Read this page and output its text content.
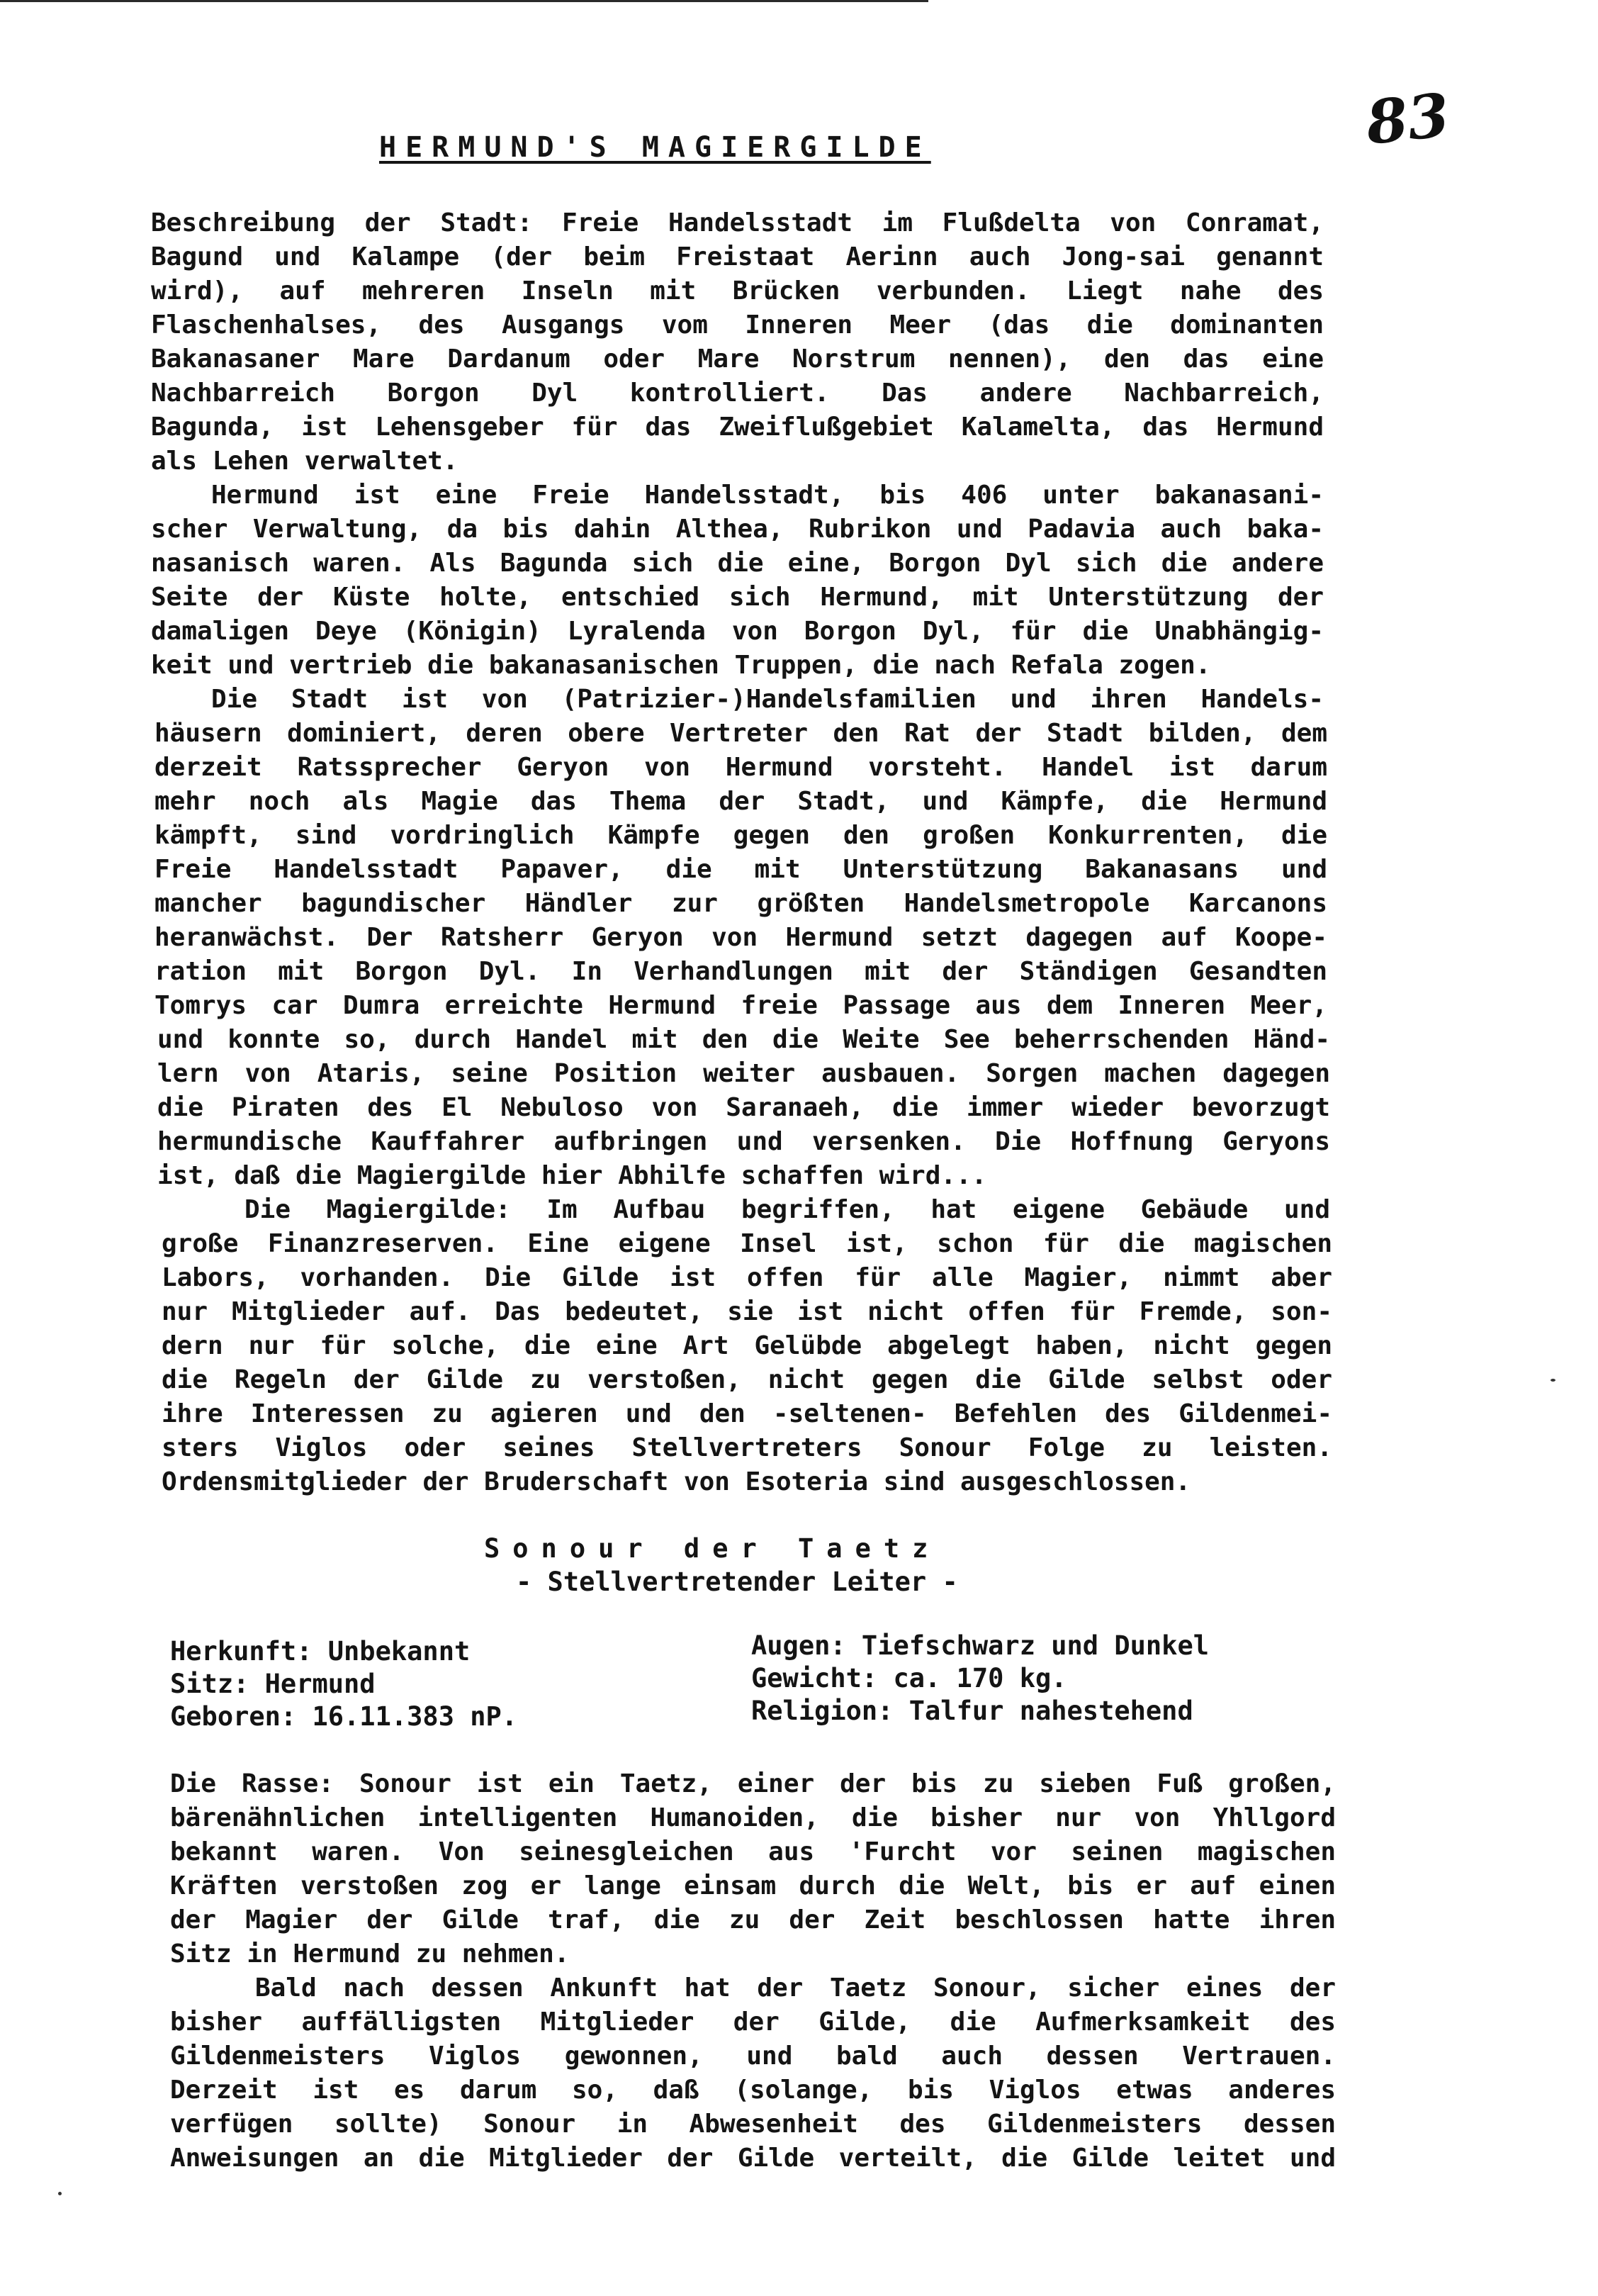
83
HERMUND'S MAGIERGILDE
Beschreibung der Stadt: Freie Handelsstadt im Flußdelta von Conramat,
Bagund und Kalampe (der beim Freistaat Aerinn auch Jong-sai genannt
wird), auf mehreren Inseln mit Brücken verbunden. Liegt nahe des
Flaschenhalses, des Ausgangs vom Inneren Meer (das die dominanten
Bakanasaner Mare Dardanum oder Mare Norstrum nennen), den das eine
Nachbarreich Borgon Dyl kontrolliert. Das andere Nachbarreich,
Bagunda, ist Lehensgeber für das Zweiflußgebiet Kalamelta, das Hermund
als Lehen verwaltet.
Hermund ist eine Freie Handelsstadt, bis 406 unter bakanasani-
scher Verwaltung, da bis dahin Althea, Rubrikon und Padavia auch baka-
nasanisch waren. Als Bagunda sich die eine, Borgon Dyl sich die andere
Seite der Küste holte, entschied sich Hermund, mit Unterstützung der
damaligen Deye (Königin) Lyralenda von Borgon Dyl, für die Unabhängig-
keit und vertrieb die bakanasanischen Truppen, die nach Refala zogen.
Die Stadt ist von (Patrizier-)Handelsfamilien und ihren Handels-
häusern dominiert, deren obere Vertreter den Rat der Stadt bilden, dem
derzeit Ratssprecher Geryon von Hermund vorsteht. Handel ist darum
mehr noch als Magie das Thema der Stadt, und Kämpfe, die Hermund
kämpft, sind vordringlich Kämpfe gegen den großen Konkurrenten, die
Freie Handelsstadt Papaver, die mit Unterstützung Bakanasans und
mancher bagundischer Händler zur größten Handelsmetropole Karcanons
heranwächst. Der Ratsherr Geryon von Hermund setzt dagegen auf Koope-
ration mit Borgon Dyl. In Verhandlungen mit der Ständigen Gesandten
Tomrys car Dumra erreichte Hermund freie Passage aus dem Inneren Meer,
und konnte so, durch Handel mit den die Weite See beherrschenden Händ-
lern von Ataris, seine Position weiter ausbauen. Sorgen machen dagegen
die Piraten des El Nebuloso von Saranaeh, die immer wieder bevorzugt
hermundische Kauffahrer aufbringen und versenken. Die Hoffnung Geryons
ist, daß die Magiergilde hier Abhilfe schaffen wird...
Die Magiergilde: Im Aufbau begriffen, hat eigene Gebäude und
große Finanzreserven. Eine eigene Insel ist, schon für die magischen
Labors, vorhanden. Die Gilde ist offen für alle Magier, nimmt aber
nur Mitglieder auf. Das bedeutet, sie ist nicht offen für Fremde, son-
dern nur für solche, die eine Art Gelübde abgelegt haben, nicht gegen
die Regeln der Gilde zu verstoßen, nicht gegen die Gilde selbst oder
ihre Interessen zu agieren und den -seltenen- Befehlen des Gildenmei-
sters Viglos oder seines Stellvertreters Sonour Folge zu leisten.
Ordensmitglieder der Bruderschaft von Esoteria sind ausgeschlossen.
Sonour der Taetz
- Stellvertretender Leiter -
Herkunft: Unbekannt
Sitz: Hermund
Geboren: 16.11.383 nP.
Augen: Tiefschwarz und Dunkel
Gewicht: ca. 170 kg.
Religion: Talfur nahestehend
Die Rasse: Sonour ist ein Taetz, einer der bis zu sieben Fuß großen,
bärenähnlichen intelligenten Humanoiden, die bisher nur von Yhllgord
bekannt waren. Von seinesgleichen aus 'Furcht vor seinen magischen
Kräften verstoßen zog er lange einsam durch die Welt, bis er auf einen
der Magier der Gilde traf, die zu der Zeit beschlossen hatte ihren
Sitz in Hermund zu nehmen.
Bald nach dessen Ankunft hat der Taetz Sonour, sicher eines der
bisher auffälligsten Mitglieder der Gilde, die Aufmerksamkeit des
Gildenmeisters Viglos gewonnen, und bald auch dessen Vertrauen.
Derzeit ist es darum so, daß (solange, bis Viglos etwas anderes
verfügen sollte) Sonour in Abwesenheit des Gildenmeisters dessen
Anweisungen an die Mitglieder der Gilde verteilt, die Gilde leitet und
